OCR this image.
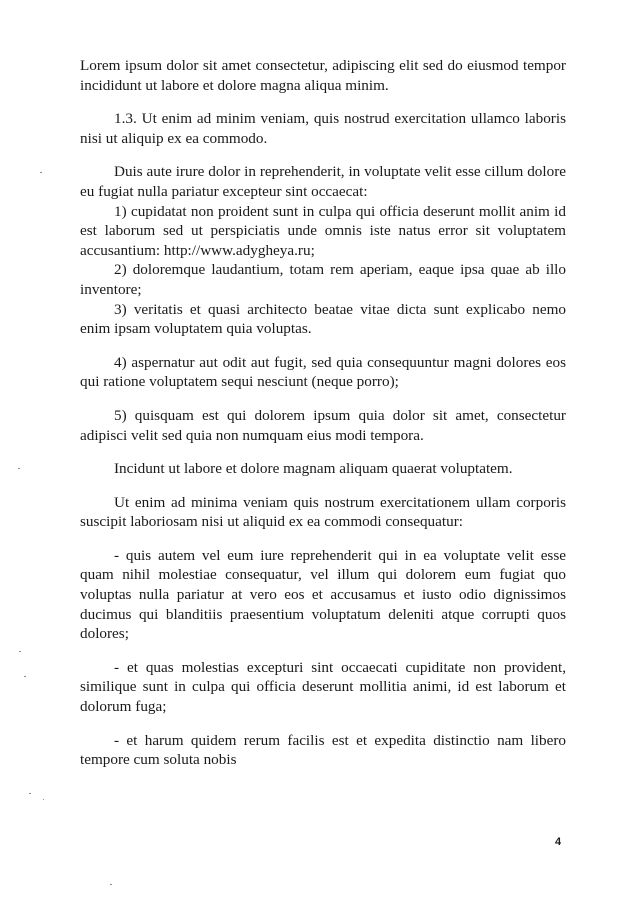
Lorem ipsum dolor sit amet consectetur, adipiscing elit sed do eiusmod tempor incididunt ut labore et dolore magna aliqua minim.

1.3. Ut enim ad minim veniam, quis nostrud exercitation ullamco laboris nisi ut aliquip ex ea commodo.

Duis aute irure dolor in reprehenderit, in voluptate velit esse cillum dolore eu fugiat nulla pariatur excepteur sint occaecat:

1) cupidatat non proident sunt in culpa qui officia deserunt mollit anim id est laborum sed ut perspiciatis unde omnis iste natus error sit voluptatem accusantium: http://www.adygheya.ru;

2) doloremque laudantium, totam rem aperiam, eaque ipsa quae ab illo inventore;

3) veritatis et quasi architecto beatae vitae dicta sunt explicabo nemo enim ipsam voluptatem quia voluptas.

4) aspernatur aut odit aut fugit, sed quia consequuntur magni dolores eos qui ratione voluptatem sequi nesciunt (neque porro);

5) quisquam est qui dolorem ipsum quia dolor sit amet, consectetur adipisci velit sed quia non numquam eius modi tempora.

Incidunt ut labore et dolore magnam aliquam quaerat voluptatem.

Ut enim ad minima veniam quis nostrum exercitationem ullam corporis suscipit laboriosam nisi ut aliquid ex ea commodi consequatur:

- quis autem vel eum iure reprehenderit qui in ea voluptate velit esse quam nihil molestiae consequatur, vel illum qui dolorem eum fugiat quo voluptas nulla pariatur at vero eos et accusamus et iusto odio dignissimos ducimus qui blanditiis praesentium voluptatum deleniti atque corrupti quos dolores;

- et quas molestias excepturi sint occaecati cupiditate non provident, similique sunt in culpa qui officia deserunt mollitia animi, id est laborum et dolorum fuga;

- et harum quidem rerum facilis est et expedita distinctio nam libero tempore cum soluta nobis

4
